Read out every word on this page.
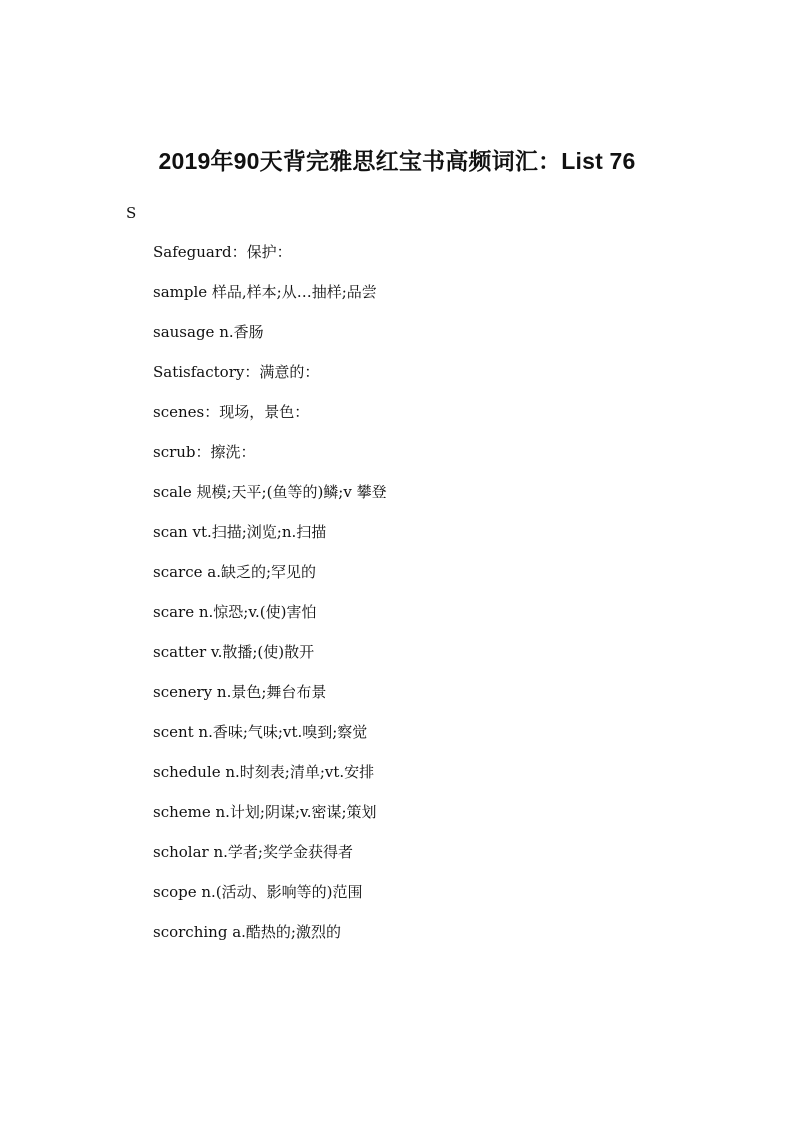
2019年90天背完雅思红宝书高频词汇：List 76
S
Safeguard：保护：
sample 样品,样本;从…抽样;品尝
sausage n.香肠
Satisfactory：满意的：
scenes：现场，景色：
scrub：擦洗：
scale 规模;天平;(鱼等的)鳞;v 攀登
scan vt.扫描;浏览;n.扫描
scarce a.缺乏的;罕见的
scare n.惊恐;v.(使)害怕
scatter v.散播;(使)散开
scenery n.景色;舞台布景
scent n.香味;气味;vt.嗅到;察觉
schedule n.时刻表;清单;vt.安排
scheme n.计划;阴谋;v.密谋;策划
scholar n.学者;奖学金获得者
scope n.(活动、影响等的)范围
scorching a.酷热的;激烈的
